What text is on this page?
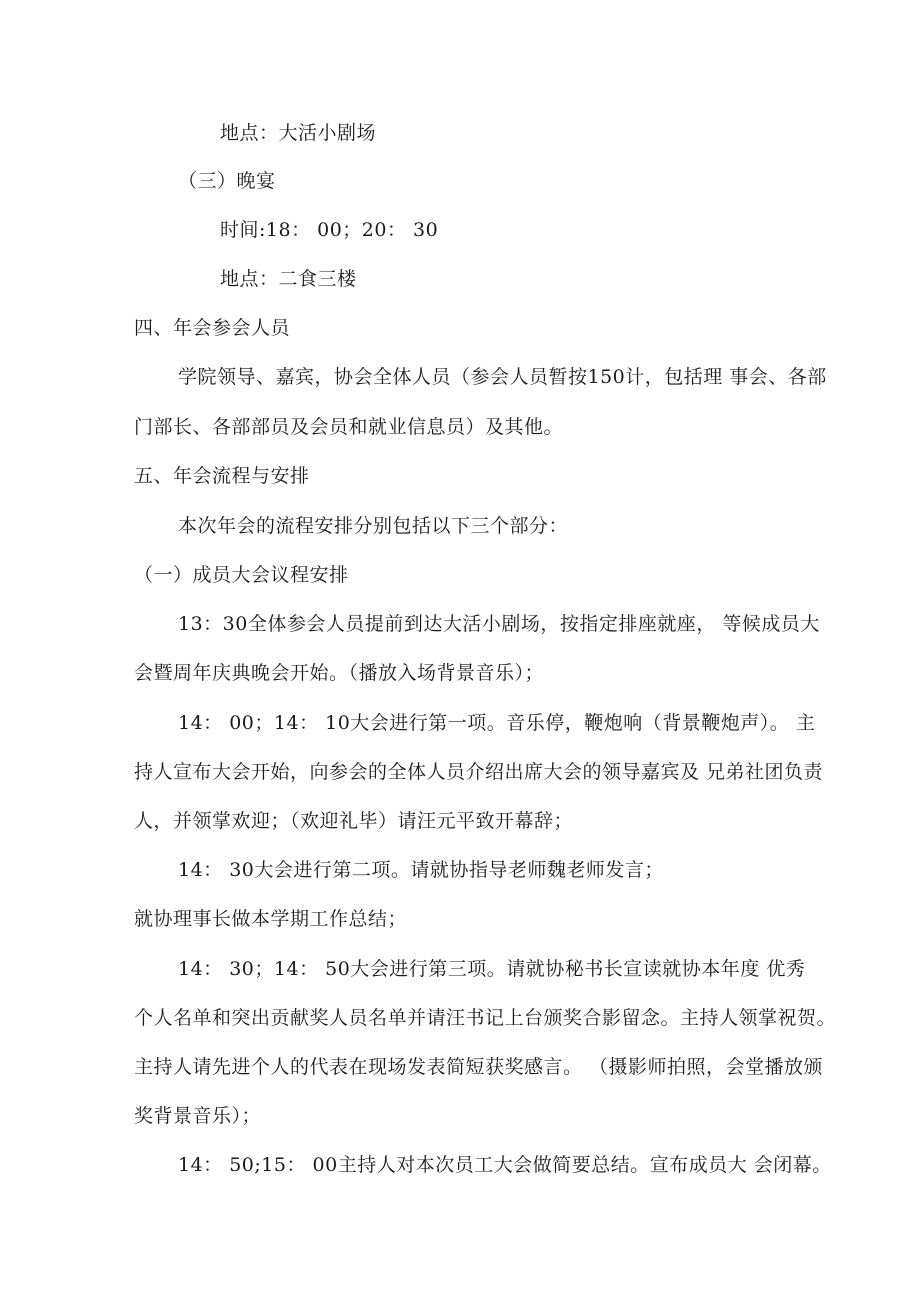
地点：大活小剧场
（三）晚宴
时间:18： 00；20： 30
地点：二食三楼
四、年会参会人员
学院领导、嘉宾，协会全体人员（参会人员暂按150计，包括理 事会、各部
门部长、各部部员及会员和就业信息员）及其他。
五、年会流程与安排
本次年会的流程安排分别包括以下三个部分：
（一）成员大会议程安排
13：30全体参会人员提前到达大活小剧场，按指定排座就座， 等候成员大
会暨周年庆典晚会开始。（播放入场背景音乐）；
14： 00；14： 10大会进行第一项。音乐停，鞭炮响（背景鞭炮声）。 主
持人宣布大会开始，向参会的全体人员介绍出席大会的领导嘉宾及 兄弟社团负责
人，并领掌欢迎；（欢迎礼毕）请汪元平致开幕辞；
14： 30大会进行第二项。请就协指导老师魏老师发言；
就协理事长做本学期工作总结；
14： 30；14： 50大会进行第三项。请就协秘书长宣读就协本年度 优秀
个人名单和突出贡献奖人员名单并请汪书记上台颁奖合影留念。主持人领掌祝贺。
主持人请先进个人的代表在现场发表简短获奖感言。 （摄影师拍照，会堂播放颁
奖背景音乐）；
14： 50;15： 00主持人对本次员工大会做简要总结。宣布成员大 会闭幕。
